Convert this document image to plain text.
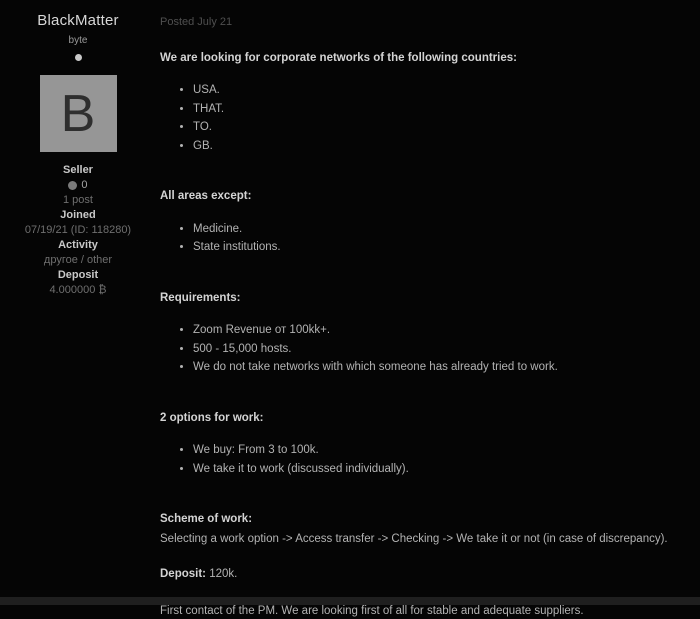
BlackMatter
byte
B
Seller
0
1 post
Joined
07/19/21 (ID: 118280)
Activity
другое / other
Deposit
4.000000 ₿
Posted July 21
We are looking for corporate networks of the following countries:
• USA.
• THAT.
• TO.
• GB.
All areas except:
• Medicine.
• State institutions.
Requirements:
• Zoom Revenue от 100kk+.
• 500 - 15,000 hosts.
• We do not take networks with which someone has already tried to work.
2 options for work:
• We buy: From 3 to 100k.
• We take it to work (discussed individually).
Scheme of work:
Selecting a work option -> Access transfer -> Checking -> We take it or not (in case of discrepancy).
Deposit: 120k.
First contact of the PM. We are looking first of all for stable and adequate suppliers.
